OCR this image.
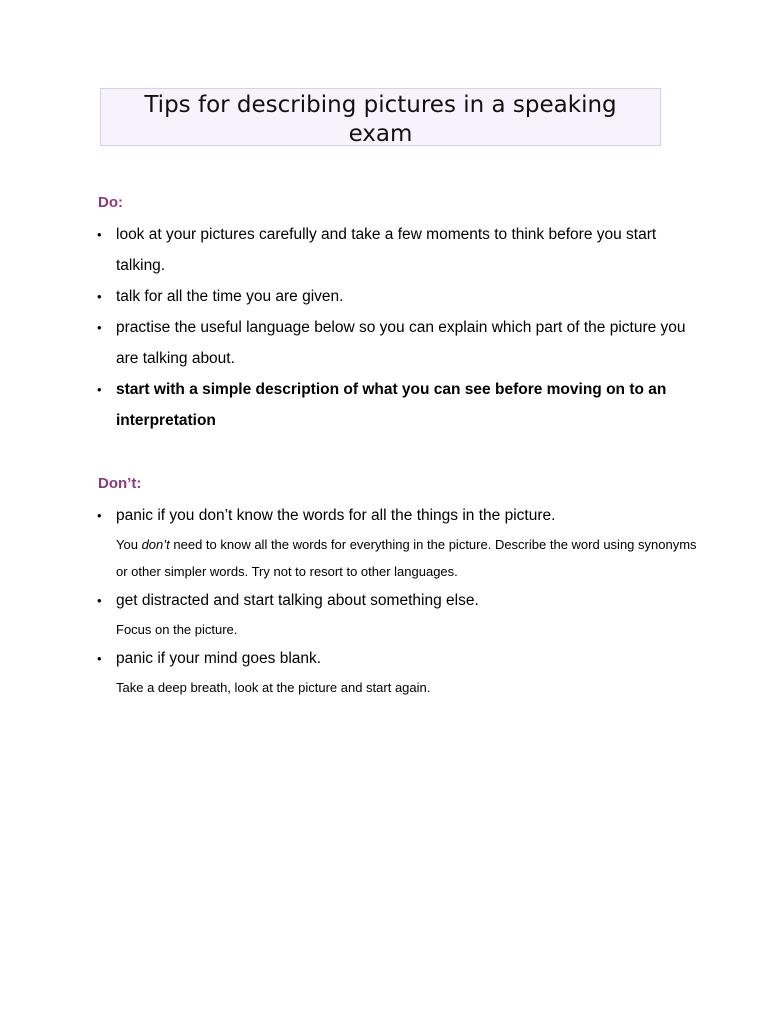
Tips for describing pictures in a speaking
exam
Do:
• look at your pictures carefully and take a few moments to think before you start talking.
• talk for all the time you are given.
• practise the useful language below so you can explain which part of the picture you are talking about.
• start with a simple description of what you can see before moving on to an interpretation
Don’t:
• panic if you don’t know the words for all the things in the picture.
You don’t need to know all the words for everything in the picture. Describe the word using synonyms or other simpler words. Try not to resort to other languages.
• get distracted and start talking about something else.
Focus on the picture.
• panic if your mind goes blank.
Take a deep breath, look at the picture and start again.
